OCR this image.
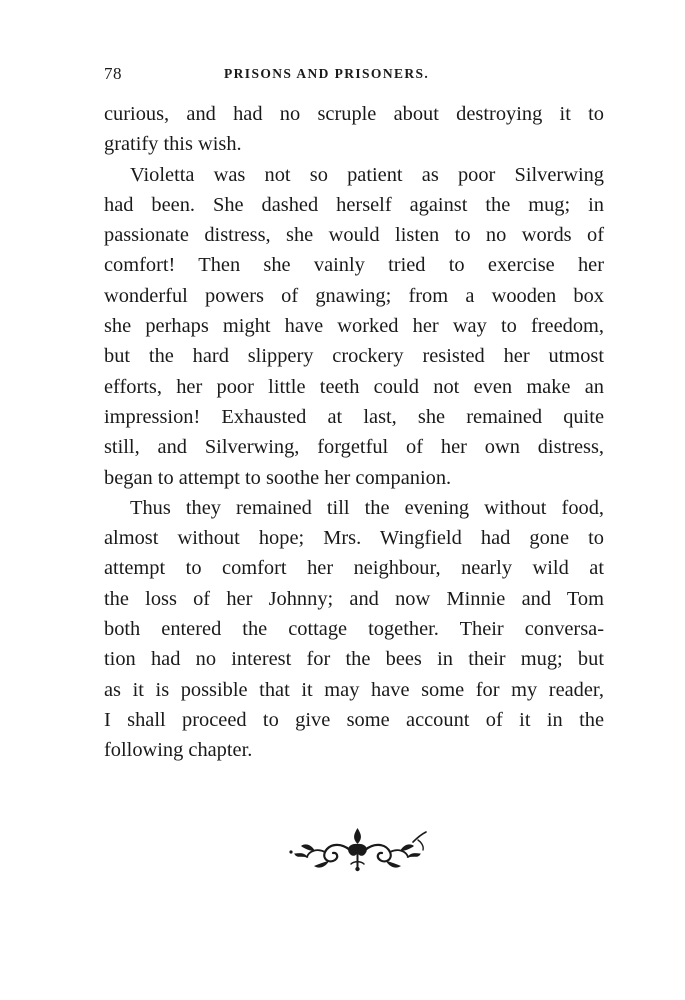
78	PRISONS AND PRISONERS.
curious, and had no scruple about destroying it to
gratify this wish.
Violetta was not so patient as poor Silverwing
had been. She dashed herself against the mug; in
passionate distress, she would listen to no words of
comfort! Then she vainly tried to exercise her
wonderful powers of gnawing; from a wooden box
she perhaps might have worked her way to freedom,
but the hard slippery crockery resisted her utmost
efforts, her poor little teeth could not even make an
impression! Exhausted at last, she remained quite
still, and Silverwing, forgetful of her own distress,
began to attempt to soothe her companion.
Thus they remained till the evening without food,
almost without hope; Mrs. Wingfield had gone to
attempt to comfort her neighbour, nearly wild at
the loss of her Johnny; and now Minnie and Tom
both entered the cottage together. Their conversa-
tion had no interest for the bees in their mug; but
as it is possible that it may have some for my reader,
I shall proceed to give some account of it in the
following chapter.
